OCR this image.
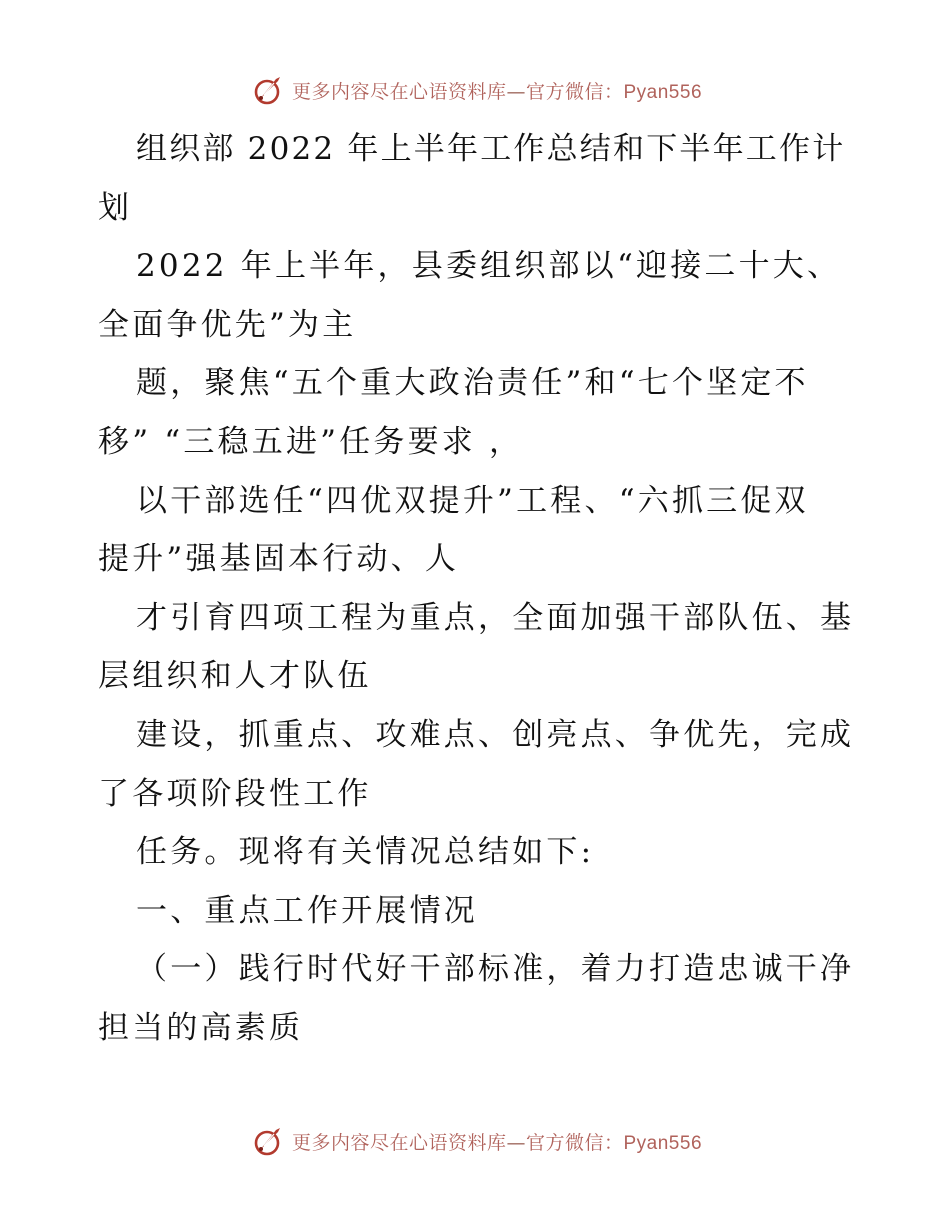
更多内容尽在心语资料库—官方微信：Pyan556
组织部 2022 年上半年工作总结和下半年工作计
划
2022 年上半年，县委组织部以“迎接二十大、
全面争优先”为主
题，聚焦“五个重大政治责任”和“七个坚定不
移” “三稳五进”任务要求 ，
以干部选任“四优双提升”工程、“六抓三促双
提升”强基固本行动、人
才引育四项工程为重点，全面加强干部队伍、基
层组织和人才队伍
建设，抓重点、攻难点、创亮点、争优先，完成
了各项阶段性工作
任务。现将有关情况总结如下:
一、重点工作开展情况
（一）践行时代好干部标准，着力打造忠诚干净
担当的高素质
更多内容尽在心语资料库—官方微信：Pyan556
